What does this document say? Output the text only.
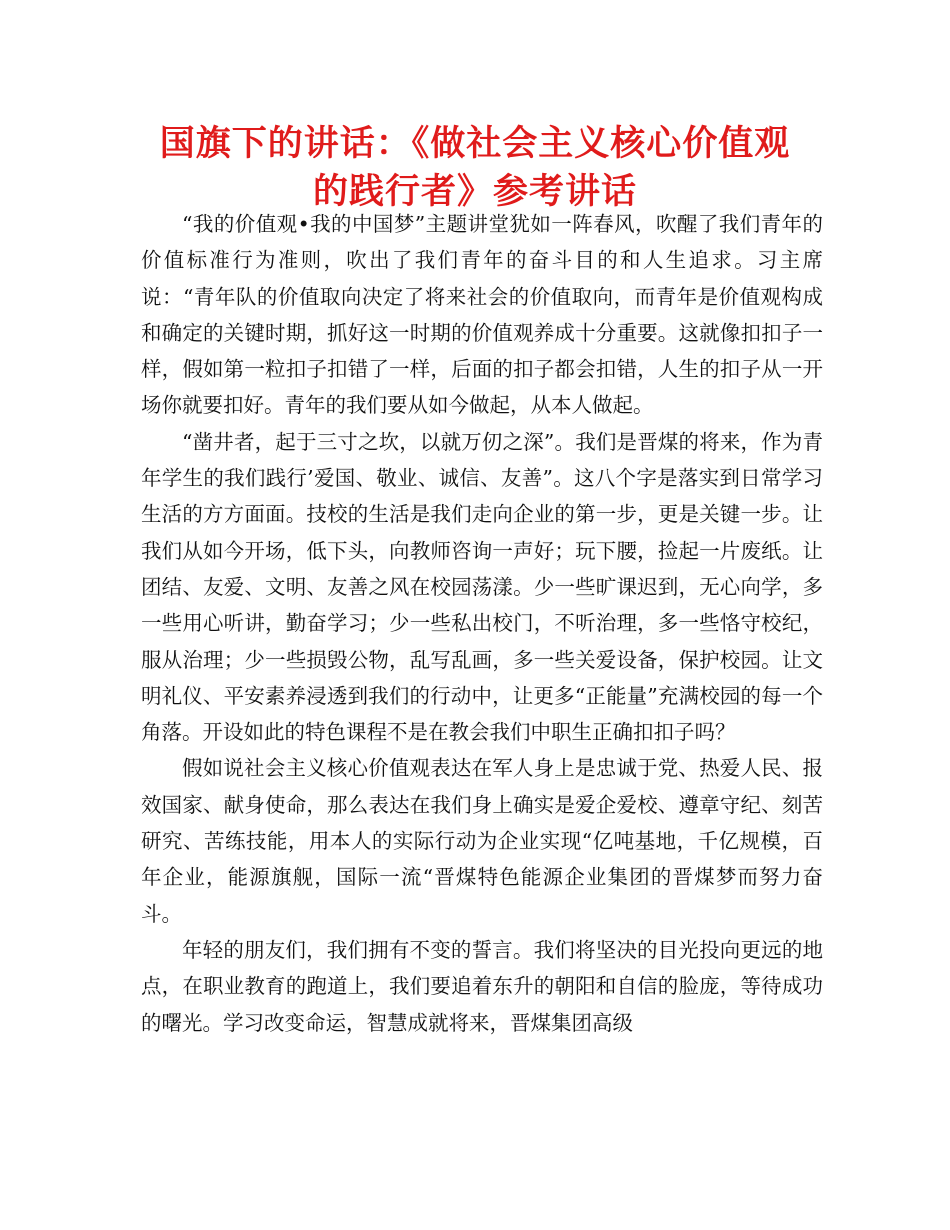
国旗下的讲话：《做社会主义核心价值观
的践行者》参考讲话

“我的价值观•我的中国梦”主题讲堂犹如一阵春风，吹醒了我们青年的价值标准行为准则，吹出了我们青年的奋斗目的和人生追求。习主席说：“青年队的价值取向决定了将来社会的价值取向，而青年是价值观构成和确定的关键时期，抓好这一时期的价值观养成十分重要。这就像扣扣子一样，假如第一粒扣子扣错了一样，后面的扣子都会扣错，人生的扣子从一开场你就要扣好。青年的我们要从如今做起，从本人做起。

“凿井者，起于三寸之坎，以就万仞之深”。我们是晋煤的将来，作为青年学生的我们践行’爱国、敬业、诚信、友善”。这八个字是落实到日常学习生活的方方面面。技校的生活是我们走向企业的第一步，更是关键一步。让我们从如今开场，低下头，向教师咨询一声好；玩下腰，捡起一片废纸。让团结、友爱、文明、友善之风在校园荡漾。少一些旷课迟到，无心向学，多一些用心听讲，勤奋学习；少一些私出校门，不听治理，多一些恪守校纪，服从治理；少一些损毁公物，乱写乱画，多一些关爱设备，保护校园。让文明礼仪、平安素养浸透到我们的行动中，让更多“正能量”充满校园的每一个角落。开设如此的特色课程不是在教会我们中职生正确扣扣子吗？

假如说社会主义核心价值观表达在军人身上是忠诚于党、热爱人民、报效国家、献身使命，那么表达在我们身上确实是爱企爱校、遵章守纪、刻苦研究、苦练技能，用本人的实际行动为企业实现“亿吨基地，千亿规模，百年企业，能源旗舰，国际一流“晋煤特色能源企业集团的晋煤梦而努力奋斗。

年轻的朋友们，我们拥有不变的誓言。我们将坚决的目光投向更远的地点，在职业教育的跑道上，我们要追着东升的朝阳和自信的脸庞，等待成功的曙光。学习改变命运，智慧成就将来，晋煤集团高级
